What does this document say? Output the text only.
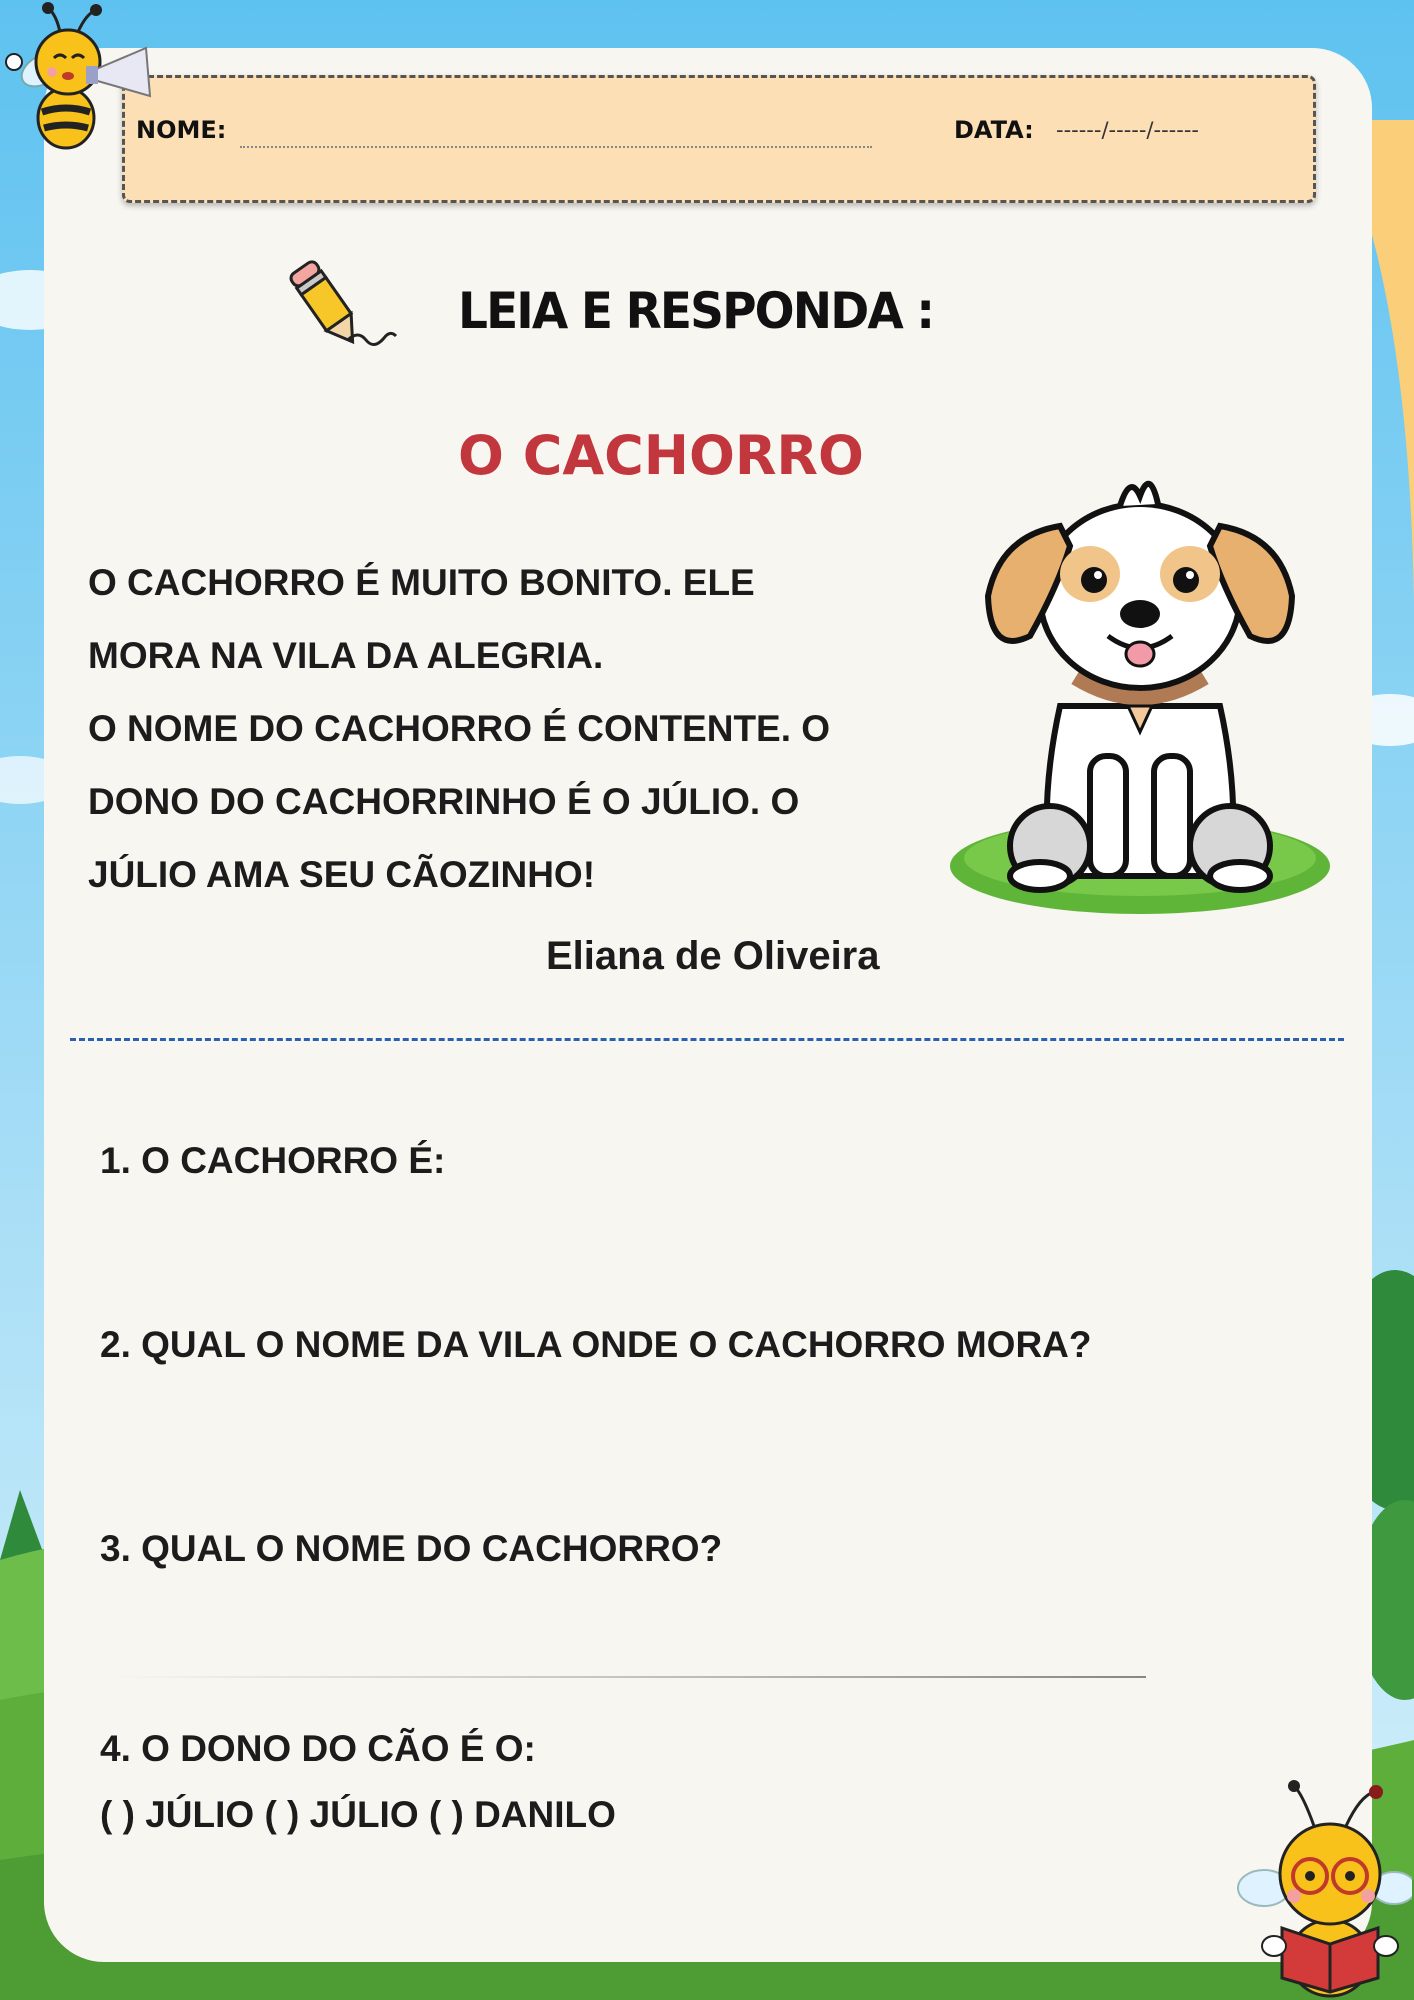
NOME:	DATA: ------/-----/------
LEIA E RESPONDA :
O CACHORRO
O CACHORRO É MUITO BONITO. ELE
MORA NA VILA DA ALEGRIA.
O NOME DO CACHORRO É CONTENTE. O
DONO DO CACHORRINHO É O JÚLIO. O
JÚLIO AMA SEU CÃOZINHO!
Eliana de Oliveira
1. O CACHORRO É:
2. QUAL O NOME DA VILA ONDE O CACHORRO MORA?
3. QUAL O NOME DO CACHORRO?
4. O DONO DO CÃO É O:
( ) JÚLIO ( ) JÚLIO ( ) DANILO
